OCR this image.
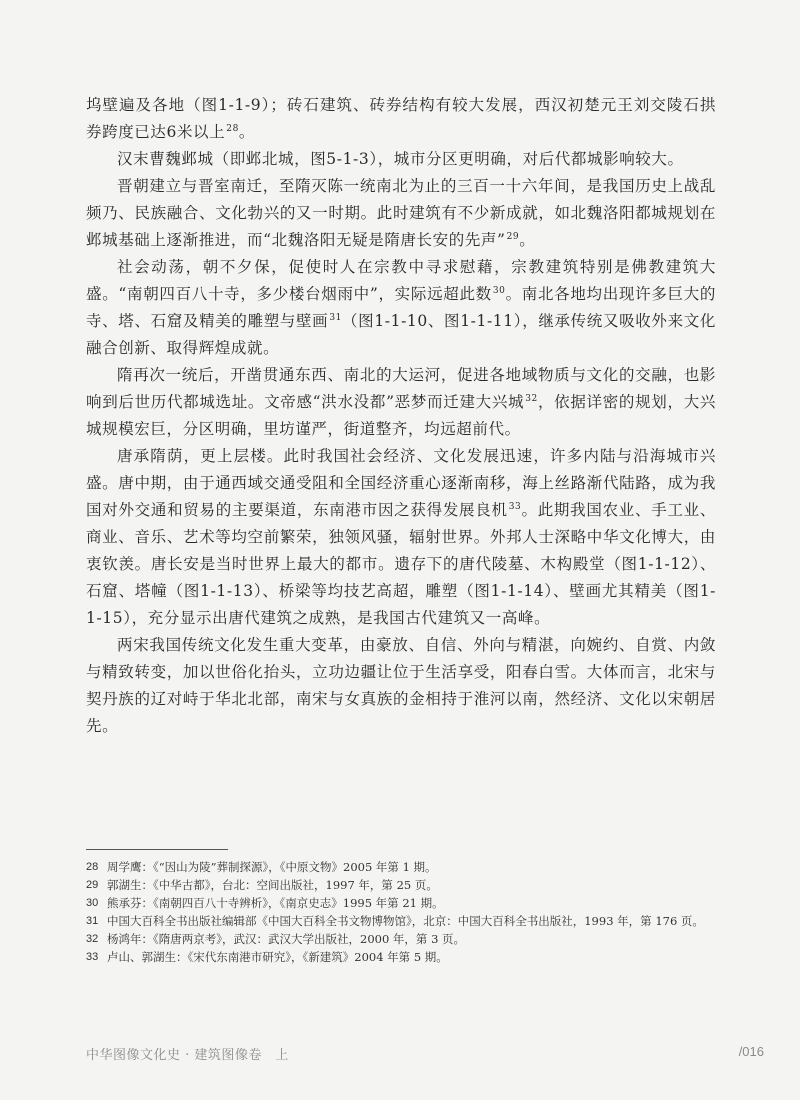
坞壁遍及各地（图1-1-9）；砖石建筑、砖券结构有较大发展，西汉初楚元王刘交陵石拱券跨度已达6米以上$^{28}$。

汉末曹魏邺城（即邺北城，图5-1-3），城市分区更明确，对后代都城影响较大。

晋朝建立与晋室南迁，至隋灭陈一统南北为止的三百一十六年间，是我国历史上战乱频乃、民族融合、文化勃兴的又一时期。此时建筑有不少新成就，如北魏洛阳都城规划在邺城基础上逐渐推进，而“北魏洛阳无疑是隋唐长安的先声”$^{29}$。

社会动荡，朝不夕保，促使时人在宗教中寻求慰藉，宗教建筑特别是佛教建筑大盛。“南朝四百八十寺，多少楼台烟雨中”，实际远超此数$^{30}$。南北各地均出现许多巨大的寺、塔、石窟及精美的雕塑与壁画$^{31}$（图1-1-10、图1-1-11），继承传统又吸收外来文化融合创新、取得辉煌成就。

隋再次一统后，开凿贯通东西、南北的大运河，促进各地域物质与文化的交融，也影响到后世历代都城选址。文帝感“洪水没都”恶梦而迁建大兴城$^{32}$，依据详密的规划，大兴城规模宏巨，分区明确，里坊谨严，街道整齐，均远超前代。

唐承隋荫，更上层楼。此时我国社会经济、文化发展迅速，许多内陆与沿海城市兴盛。唐中期，由于通西域交通受阻和全国经济重心逐渐南移，海上丝路渐代陆路，成为我国对外交通和贸易的主要渠道，东南港市因之获得发展良机$^{33}$。此期我国农业、手工业、商业、音乐、艺术等均空前繁荣，独领风骚，辐射世界。外邦人士深略中华文化博大，由衷钦羡。唐长安是当时世界上最大的都市。遗存下的唐代陵墓、木构殿堂（图1-1-12）、石窟、塔幢（图1-1-13）、桥梁等均技艺高超，雕塑（图1-1-14）、壁画尤其精美（图1-1-15），充分显示出唐代建筑之成熟，是我国古代建筑又一高峰。

两宋我国传统文化发生重大变革，由豪放、自信、外向与精湛，向婉约、自赏、内敛与精致转变，加以世俗化抬头，立功边疆让位于生活享受，阳春白雪。大体而言，北宋与契丹族的辽对峙于华北北部，南宋与女真族的金相持于淮河以南，然经济、文化以宋朝居先。

28 周学鹰：《“因山为陵”葬制探源》，《中原文物》2005 年第 1 期。
29 郭湖生：《中华古都》，台北：空间出版社，1997 年，第 25 页。
30 熊承芬：《南朝四百八十寺辨析》，《南京史志》1995 年第 21 期。
31 中国大百科全书出版社编辑部《中国大百科全书文物博物馆》，北京：中国大百科全书出版社，1993 年，第 176 页。
32 杨鸿年：《隋唐两京考》，武汉：武汉大学出版社，2000 年，第 3 页。
33 卢山、郭湖生：《宋代东南港市研究》，《新建筑》2004 年第 5 期。
中华图像文化史 · 建筑图像卷　上	/016
